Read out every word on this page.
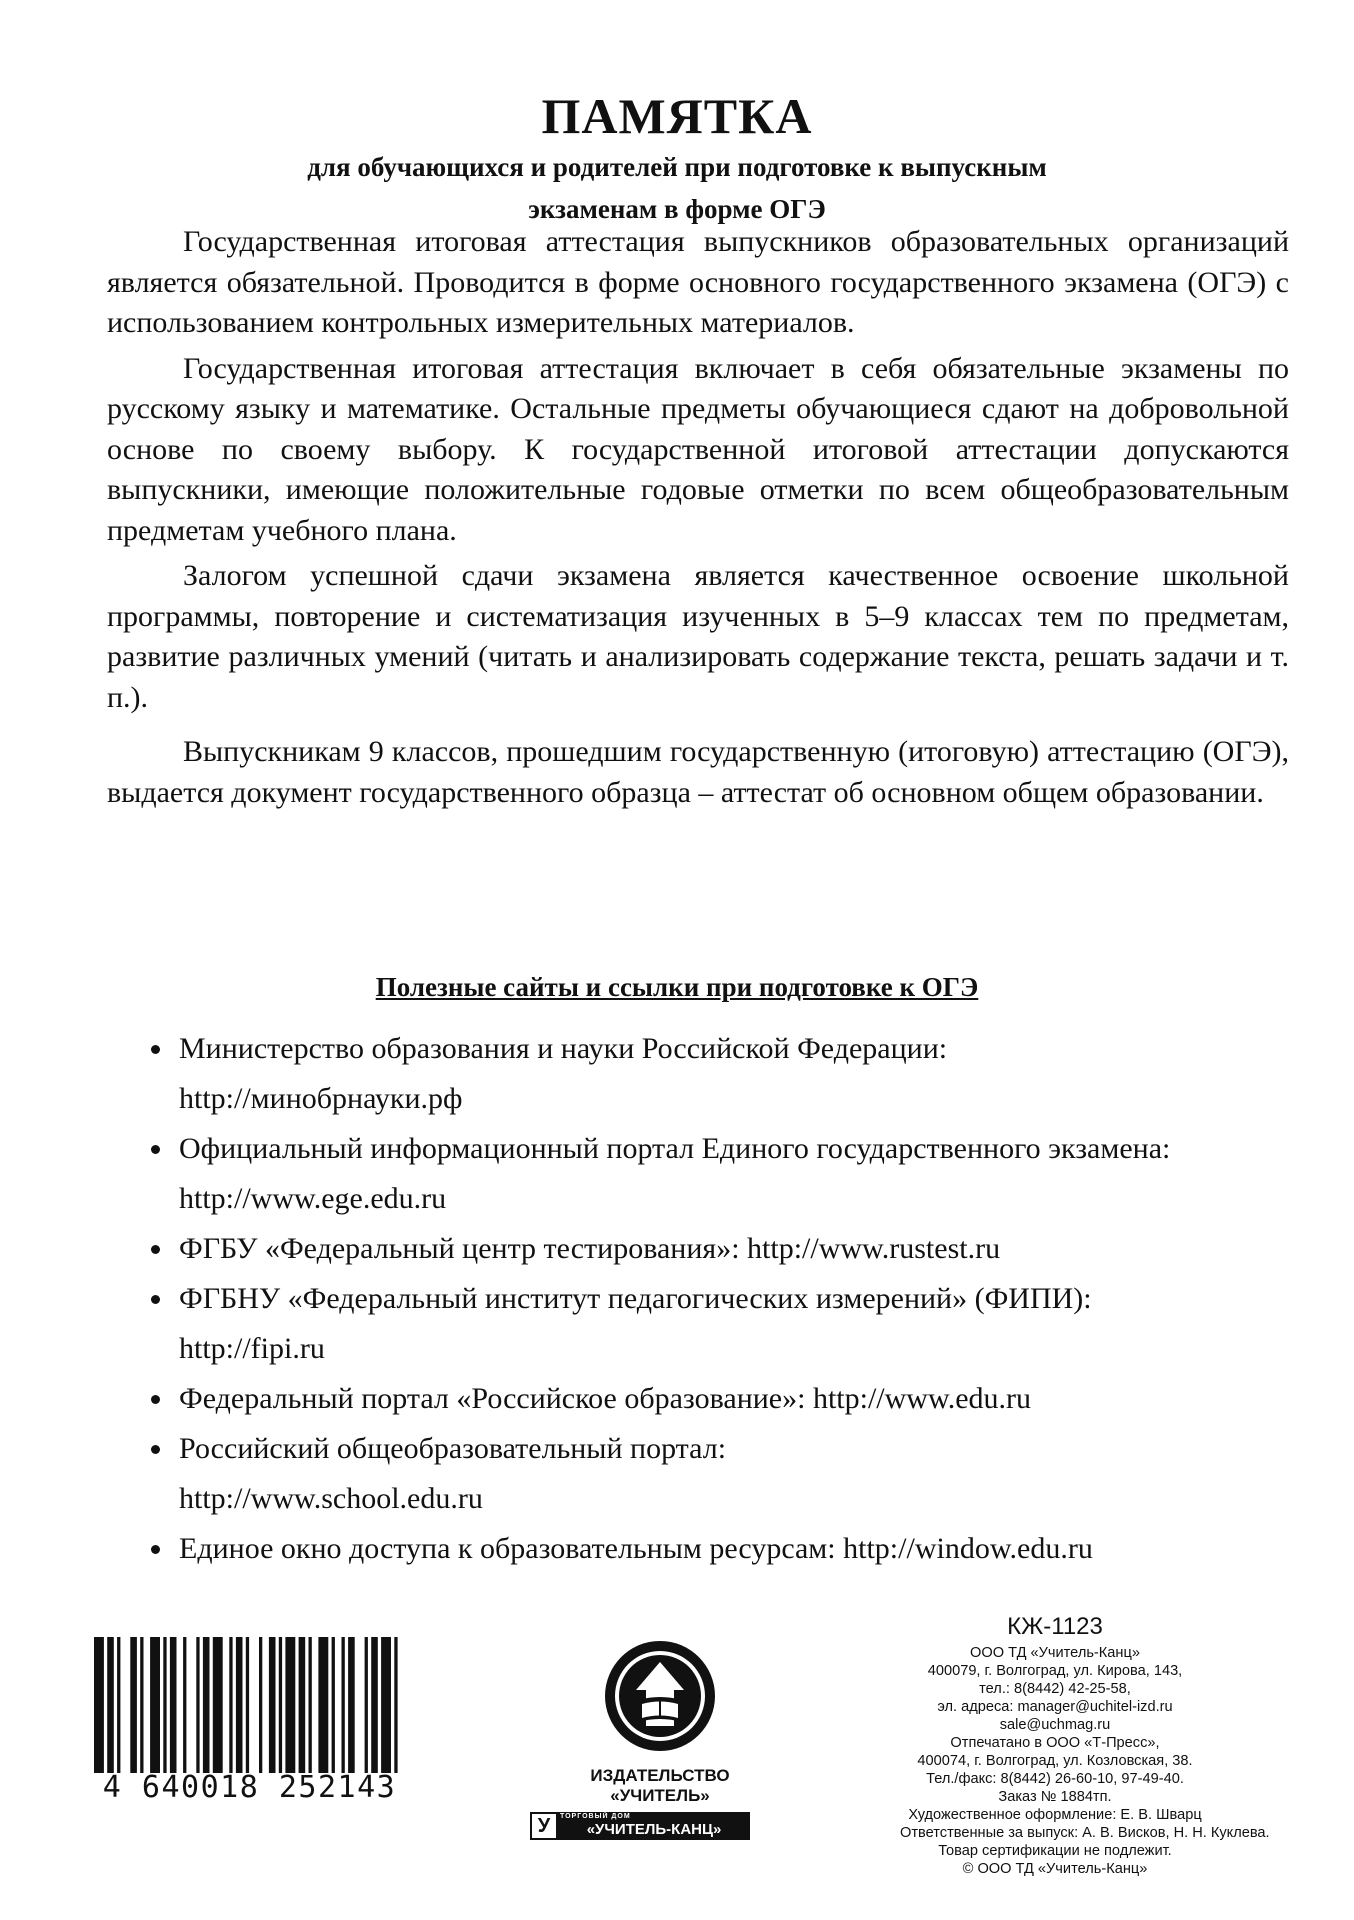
ПАМЯТКА
для обучающихся и родителей при подготовке к выпускным
экзаменам в форме ОГЭ

Государственная итоговая аттестация выпускников образовательных организаций является обязательной. Проводится в форме основного государственного экзамена (ОГЭ) с использованием контрольных измерительных материалов.

Государственная итоговая аттестация включает в себя обязательные экзамены по русскому языку и математике. Остальные предметы обучающиеся сдают на добровольной основе по своему выбору. К государственной итоговой аттестации допускаются выпускники, имеющие положительные годовые отметки по всем общеобразовательным предметам учебного плана.

Залогом успешной сдачи экзамена является качественное освоение школьной программы, повторение и систематизация изученных в 5–9 классах тем по предметам, развитие различных умений (читать и анализировать содержание текста, решать задачи и т. п.).

Выпускникам 9 классов, прошедшим государственную (итоговую) аттестацию (ОГЭ), выдается документ государственного образца – аттестат об основном общем образовании.

Полезные сайты и ссылки при подготовке к ОГЭ
Министерство образования и науки Российской Федерации:
http://минобрнауки.рф
Официальный информационный портал Единого государственного экзамена:
http://www.ege.edu.ru
ФГБУ «Федеральный центр тестирования»: http://www.rustest.ru
ФГБНУ «Федеральный институт педагогических измерений» (ФИПИ):
http://fipi.ru
Федеральный портал «Российское образование»: http://www.edu.ru
Российский общеобразовательный портал:
http://www.school.edu.ru
Единое окно доступа к образовательным ресурсам: http://window.edu.ru
4 640018 252143	ИЗДАТЕЛЬСТВО
«УЧИТЕЛЬ»
У	ТОРГОВЫЙ ДОМ
«УЧИТЕЛЬ-КАНЦ»
КЖ-1123
ООО ТД «Учитель-Канц»
400079, г. Волгоград, ул. Кирова, 143,
тел.: 8(8442) 42-25-58,
эл. адреса: manager@uchitel-izd.ru
sale@uchmag.ru
Отпечатано в ООО «Т-Пресс»,
400074, г. Волгоград, ул. Козловская, 38.
Тел./факс: 8(8442) 26-60-10, 97-49-40.
Заказ № 1884тп.
Художественное оформление: Е. В. Шварц
Ответственные за выпуск: А. В. Висков, Н. Н. Куклева.
Товар сертификации не подлежит.
© ООО ТД «Учитель-Канц»
